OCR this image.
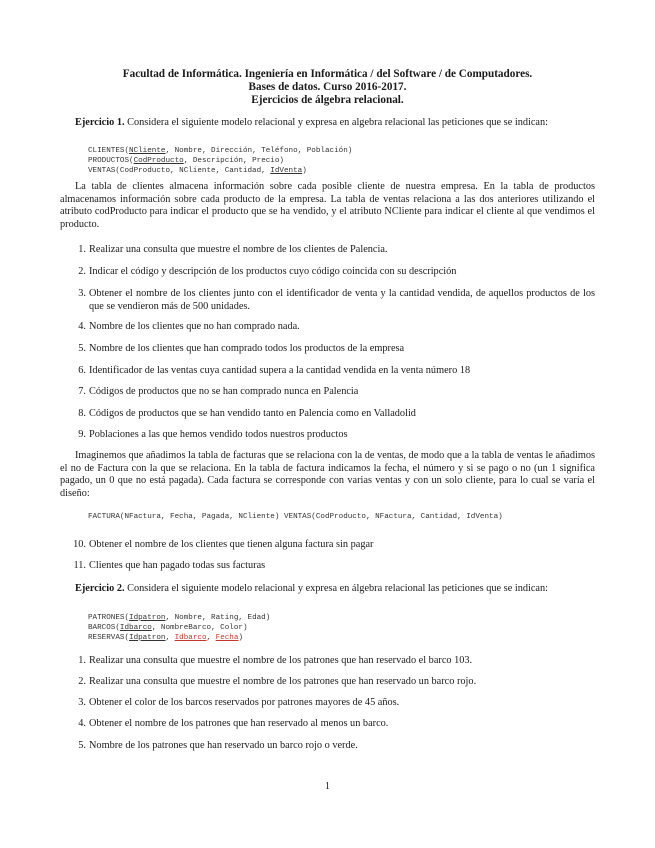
Facultad de Informática. Ingeniería en Informática / del Software / de Computadores.
Bases de datos. Curso 2016-2017.
Ejercicios de álgebra relacional.
Ejercicio 1. Considera el siguiente modelo relacional y expresa en algebra relacional las peticiones que se indican:
CLIENTES(NCliente, Nombre, Dirección, Teléfono, Población)
PRODUCTOS(CodProducto, Descripción, Precio)
VENTAS(CodProducto, NCliente, Cantidad, IdVenta)
La tabla de clientes almacena información sobre cada posible cliente de nuestra empresa. En la tabla de productos almacenamos información sobre cada producto de la empresa. La tabla de ventas relaciona a las dos anteriores utilizando el atributo codProducto para indicar el producto que se ha vendido, y el atributo NCliente para indicar el cliente al que vendimos el producto.
1. Realizar una consulta que muestre el nombre de los clientes de Palencia.
2. Indicar el código y descripción de los productos cuyo código coincida con su descripción
3. Obtener el nombre de los clientes junto con el identificador de venta y la cantidad vendida, de aquellos productos de los que se vendieron más de 500 unidades.
4. Nombre de los clientes que no han comprado nada.
5. Nombre de los clientes que han comprado todos los productos de la empresa
6. Identificador de las ventas cuya cantidad supera a la cantidad vendida en la venta número 18
7. Códigos de productos que no se han comprado nunca en Palencia
8. Códigos de productos que se han vendido tanto en Palencia como en Valladolid
9. Poblaciones a las que hemos vendido todos nuestros productos
Imaginemos que añadimos la tabla de facturas que se relaciona con la de ventas, de modo que a la tabla de ventas le añadimos el no de Factura con la que se relaciona. En la tabla de factura indicamos la fecha, el número y si se pago o no (un 1 significa pagado, un 0 que no está pagada). Cada factura se corresponde con varias ventas y con un solo cliente, para lo cual se varía el diseño:
FACTURA(NFactura, Fecha, Pagada, NCliente) VENTAS(CodProducto, NFactura, Cantidad, IdVenta)
10. Obtener el nombre de los clientes que tienen alguna factura sin pagar
11. Clientes que han pagado todas sus facturas
Ejercicio 2. Considera el siguiente modelo relacional y expresa en álgebra relacional las peticiones que se indican:
PATRONES(Idpatron, Nombre, Rating, Edad)
BARCOS(Idbarco, NombreBarco, Color)
RESERVAS(Idpatron, Idbarco, Fecha)
1. Realizar una consulta que muestre el nombre de los patrones que han reservado el barco 103.
2. Realizar una consulta que muestre el nombre de los patrones que han reservado un barco rojo.
3. Obtener el color de los barcos reservados por patrones mayores de 45 años.
4. Obtener el nombre de los patrones que han reservado al menos un barco.
5. Nombre de los patrones que han reservado un barco rojo o verde.
1
